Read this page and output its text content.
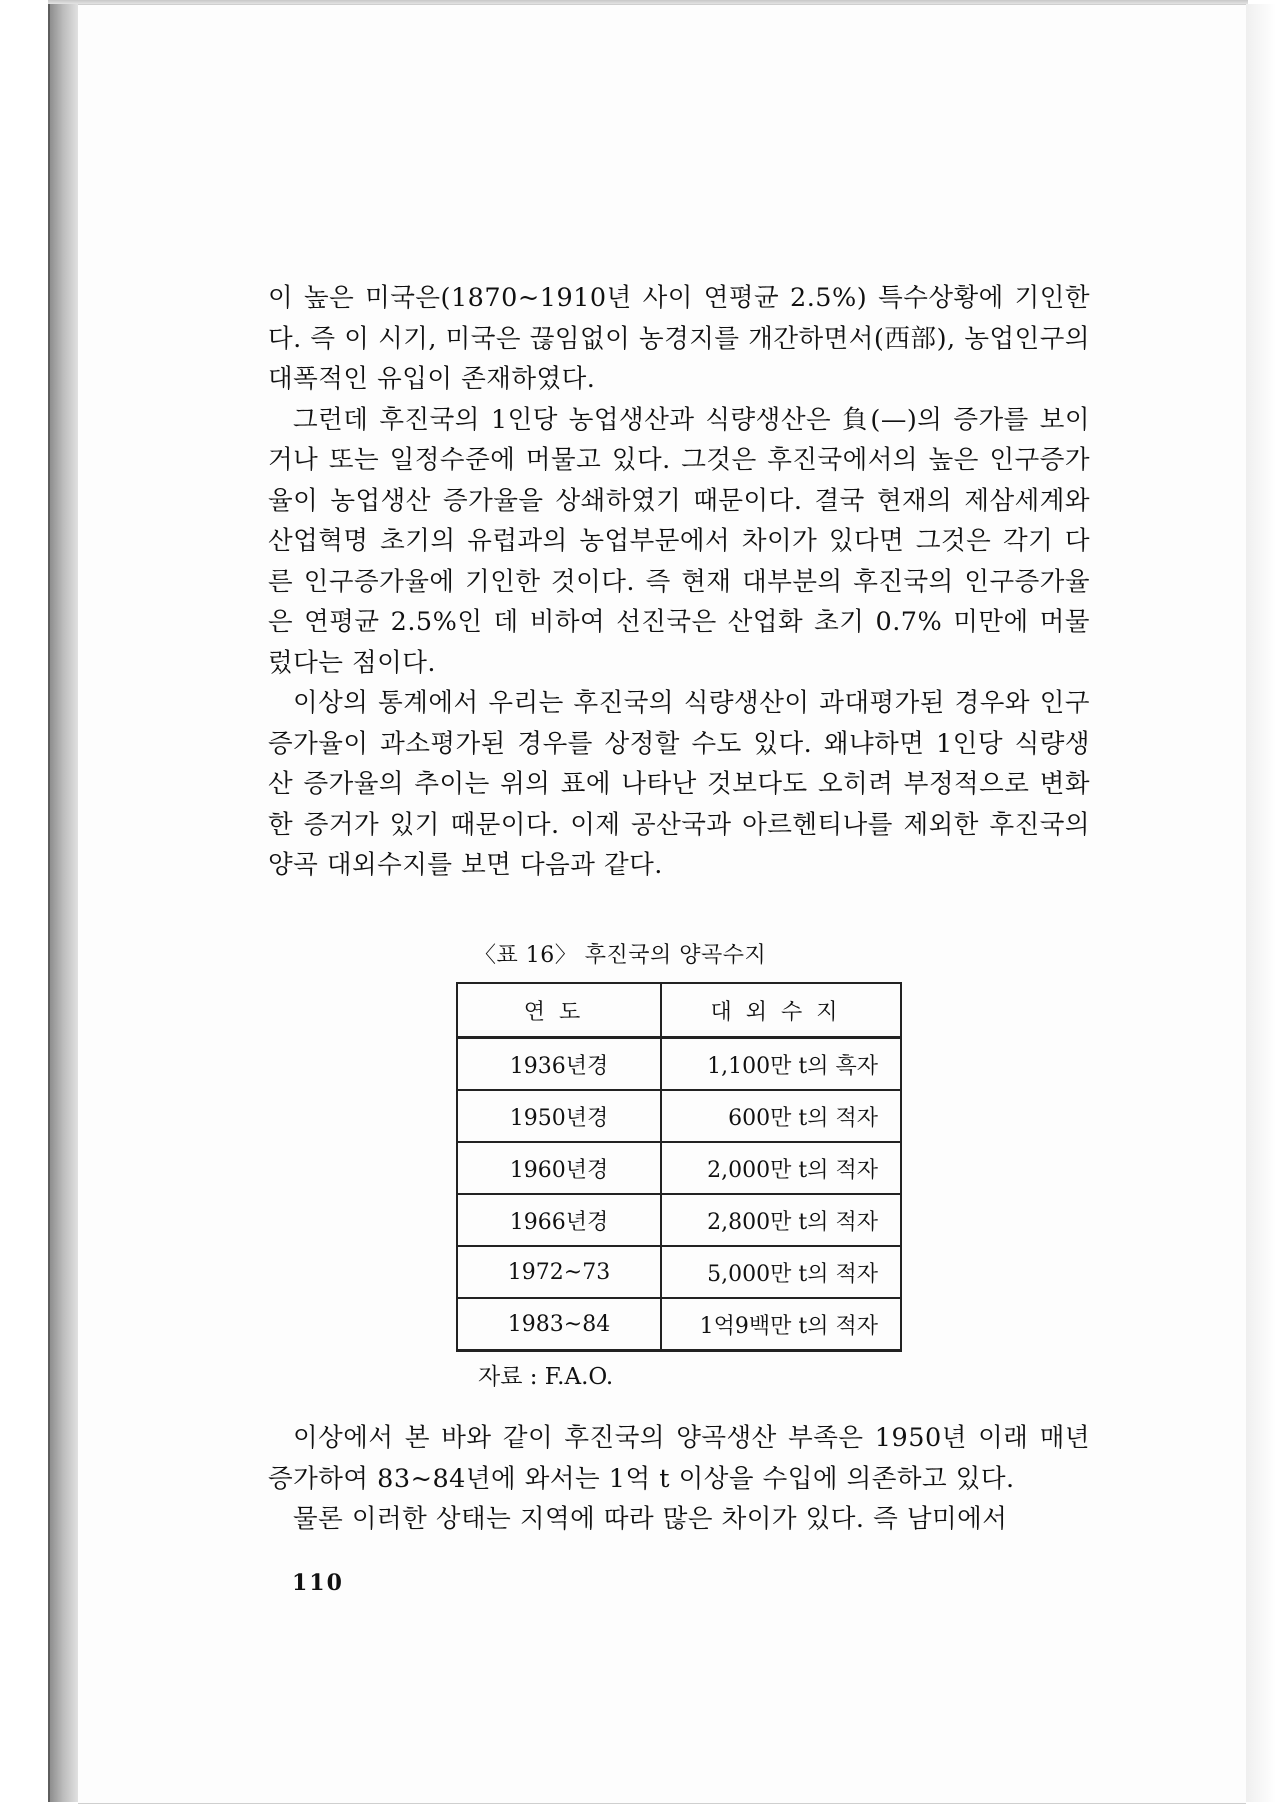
이 높은 미국은(1870~1910년 사이 연평균 2.5%) 특수상황에 기인한다. 즉 이 시기, 미국은 끊임없이 농경지를 개간하면서(西部), 농업인구의 대폭적인 유입이 존재하였다.

그런데 후진국의 1인당 농업생산과 식량생산은 負(—)의 증가를 보이거나 또는 일정수준에 머물고 있다. 그것은 후진국에서의 높은 인구증가율이 농업생산 증가율을 상쇄하였기 때문이다. 결국 현재의 제삼세계와 산업혁명 초기의 유럽과의 농업부문에서 차이가 있다면 그것은 각기 다른 인구증가율에 기인한 것이다. 즉 현재 대부분의 후진국의 인구증가율은 연평균 2.5%인 데 비하여 선진국은 산업화 초기 0.7% 미만에 머물렀다는 점이다.

이상의 통계에서 우리는 후진국의 식량생산이 과대평가된 경우와 인구증가율이 과소평가된 경우를 상정할 수도 있다. 왜냐하면 1인당 식량생산 증가율의 추이는 위의 표에 나타난 것보다도 오히려 부정적으로 변화한 증거가 있기 때문이다. 이제 공산국과 아르헨티나를 제외한 후진국의 양곡 대외수지를 보면 다음과 같다.

〈표 16〉 후진국의 양곡수지
연도	대외수지
1936년경	1,100만 t의 흑자
1950년경	600만 t의 적자
1960년경	2,000만 t의 적자
1966년경	2,800만 t의 적자
1972~73	5,000만 t의 적자
1983~84	1억9백만 t의 적자
자료 : F.A.O.

이상에서 본 바와 같이 후진국의 양곡생산 부족은 1950년 이래 매년 증가하여 83~84년에 와서는 1억 t 이상을 수입에 의존하고 있다.

물론 이러한 상태는 지역에 따라 많은 차이가 있다. 즉 남미에서

110
